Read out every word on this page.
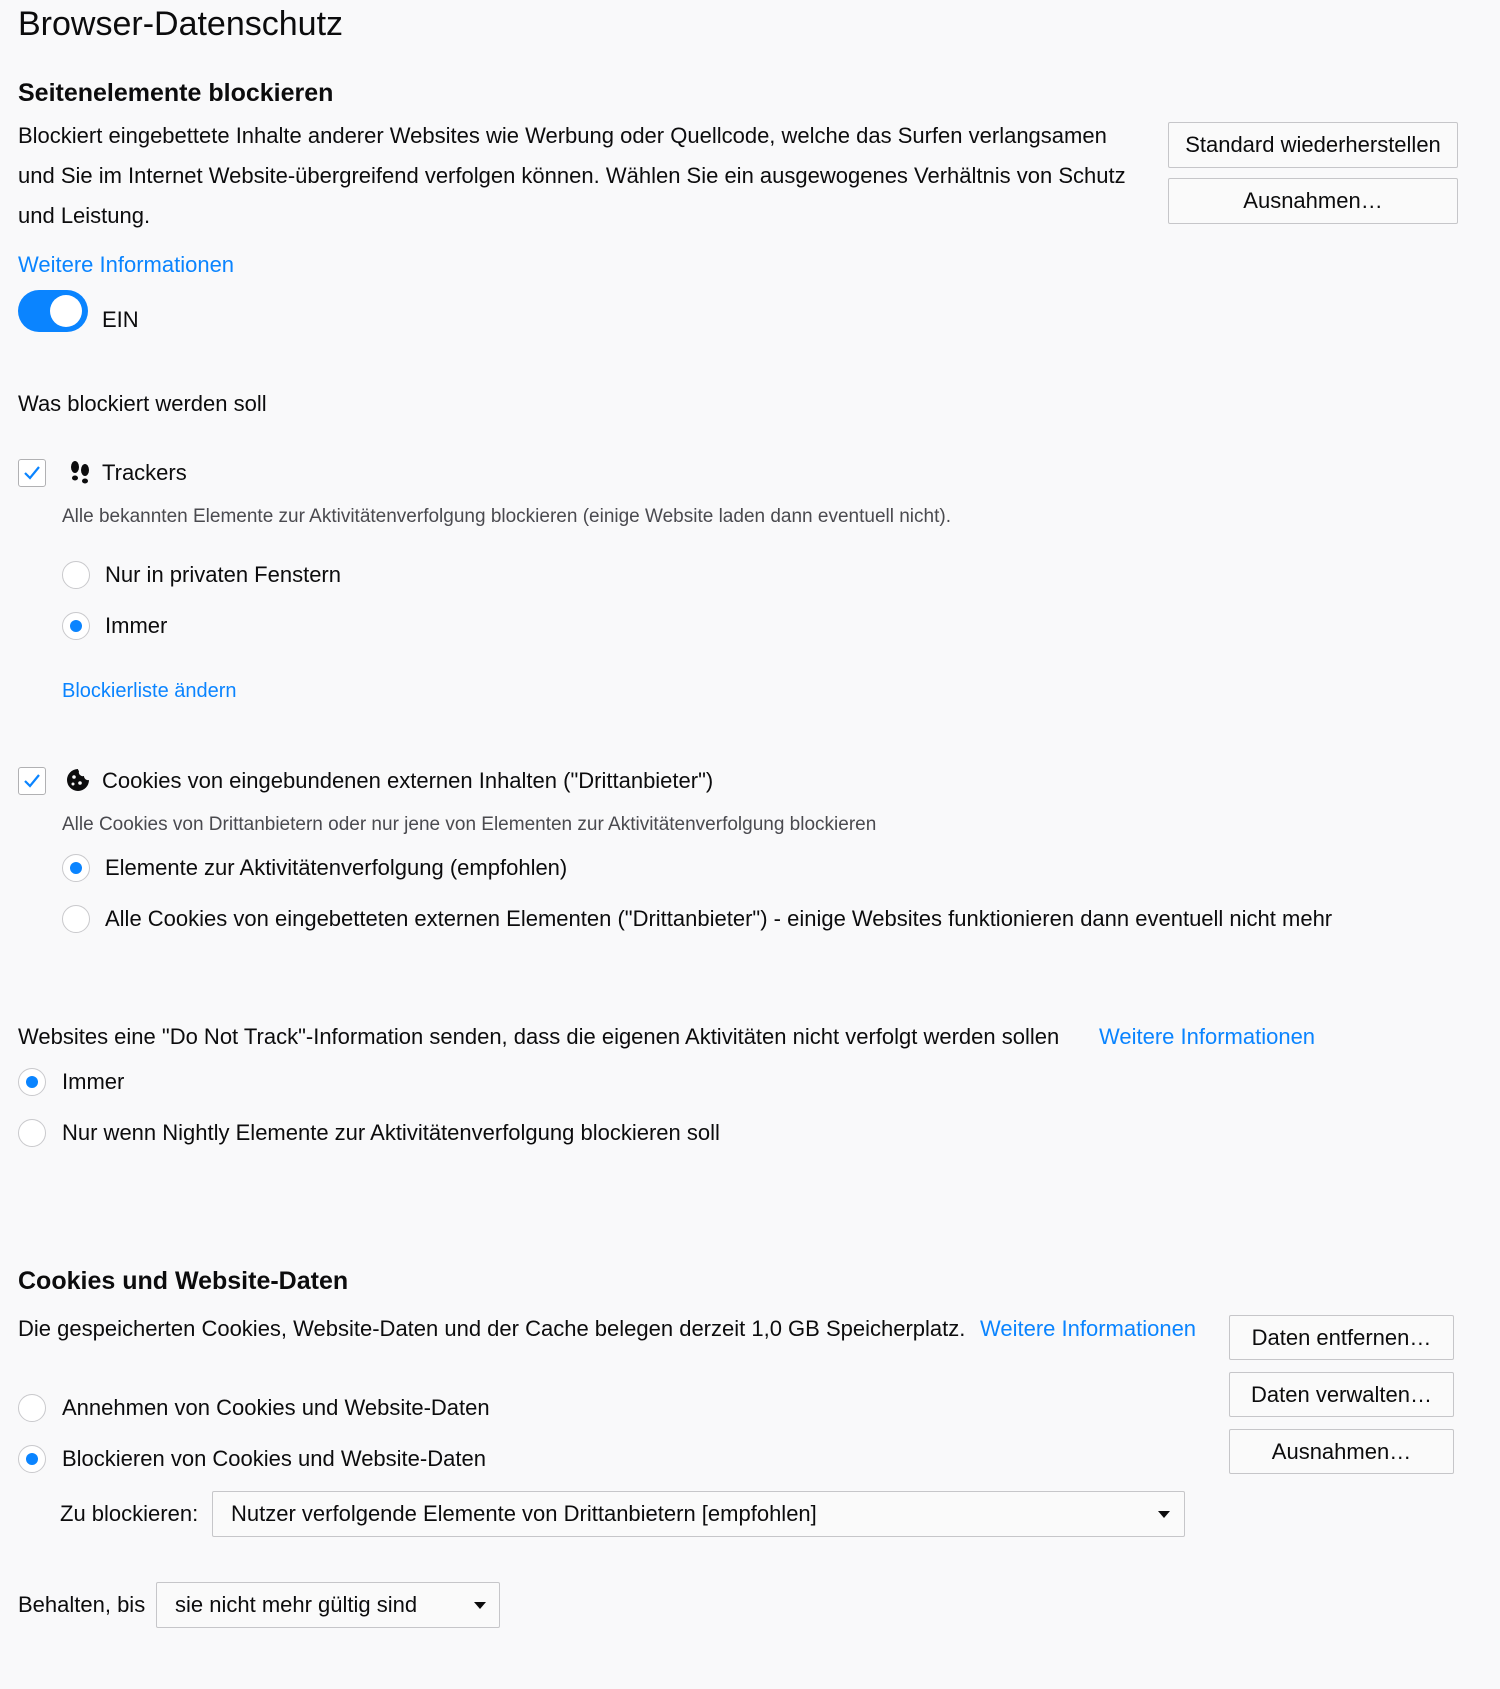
Browser-Datenschutz
Seitenelemente blockieren
Blockiert eingebettete Inhalte anderer Websites wie Werbung oder Quellcode, welche das Surfen verlangsamen
und Sie im Internet Website-übergreifend verfolgen können. Wählen Sie ein ausgewogenes Verhältnis von Schutz
und Leistung.
Weitere Informationen
Standard wiederherstellen
Ausnahmen…
EIN
Was blockiert werden soll
Trackers
Alle bekannten Elemente zur Aktivitätenverfolgung blockieren (einige Website laden dann eventuell nicht).
Nur in privaten Fenstern
Immer
Blockierliste ändern
Cookies von eingebundenen externen Inhalten ("Drittanbieter")
Alle Cookies von Drittanbietern oder nur jene von Elementen zur Aktivitätenverfolgung blockieren
Elemente zur Aktivitätenverfolgung (empfohlen)
Alle Cookies von eingebetteten externen Elementen ("Drittanbieter") - einige Websites funktionieren dann eventuell nicht mehr
Websites eine "Do Not Track"-Information senden, dass die eigenen Aktivitäten nicht verfolgt werden sollen Weitere Informationen
Immer
Nur wenn Nightly Elemente zur Aktivitätenverfolgung blockieren soll
Cookies und Website-Daten
Die gespeicherten Cookies, Website-Daten und der Cache belegen derzeit 1,0 GB Speicherplatz. Weitere Informationen	Daten entfernen…
Daten verwalten…
Ausnahmen…
Annehmen von Cookies und Website-Daten
Blockieren von Cookies und Website-Daten
Zu blockieren:	Nutzer verfolgende Elemente von Drittanbietern [empfohlen]
Behalten, bis	sie nicht mehr gültig sind
